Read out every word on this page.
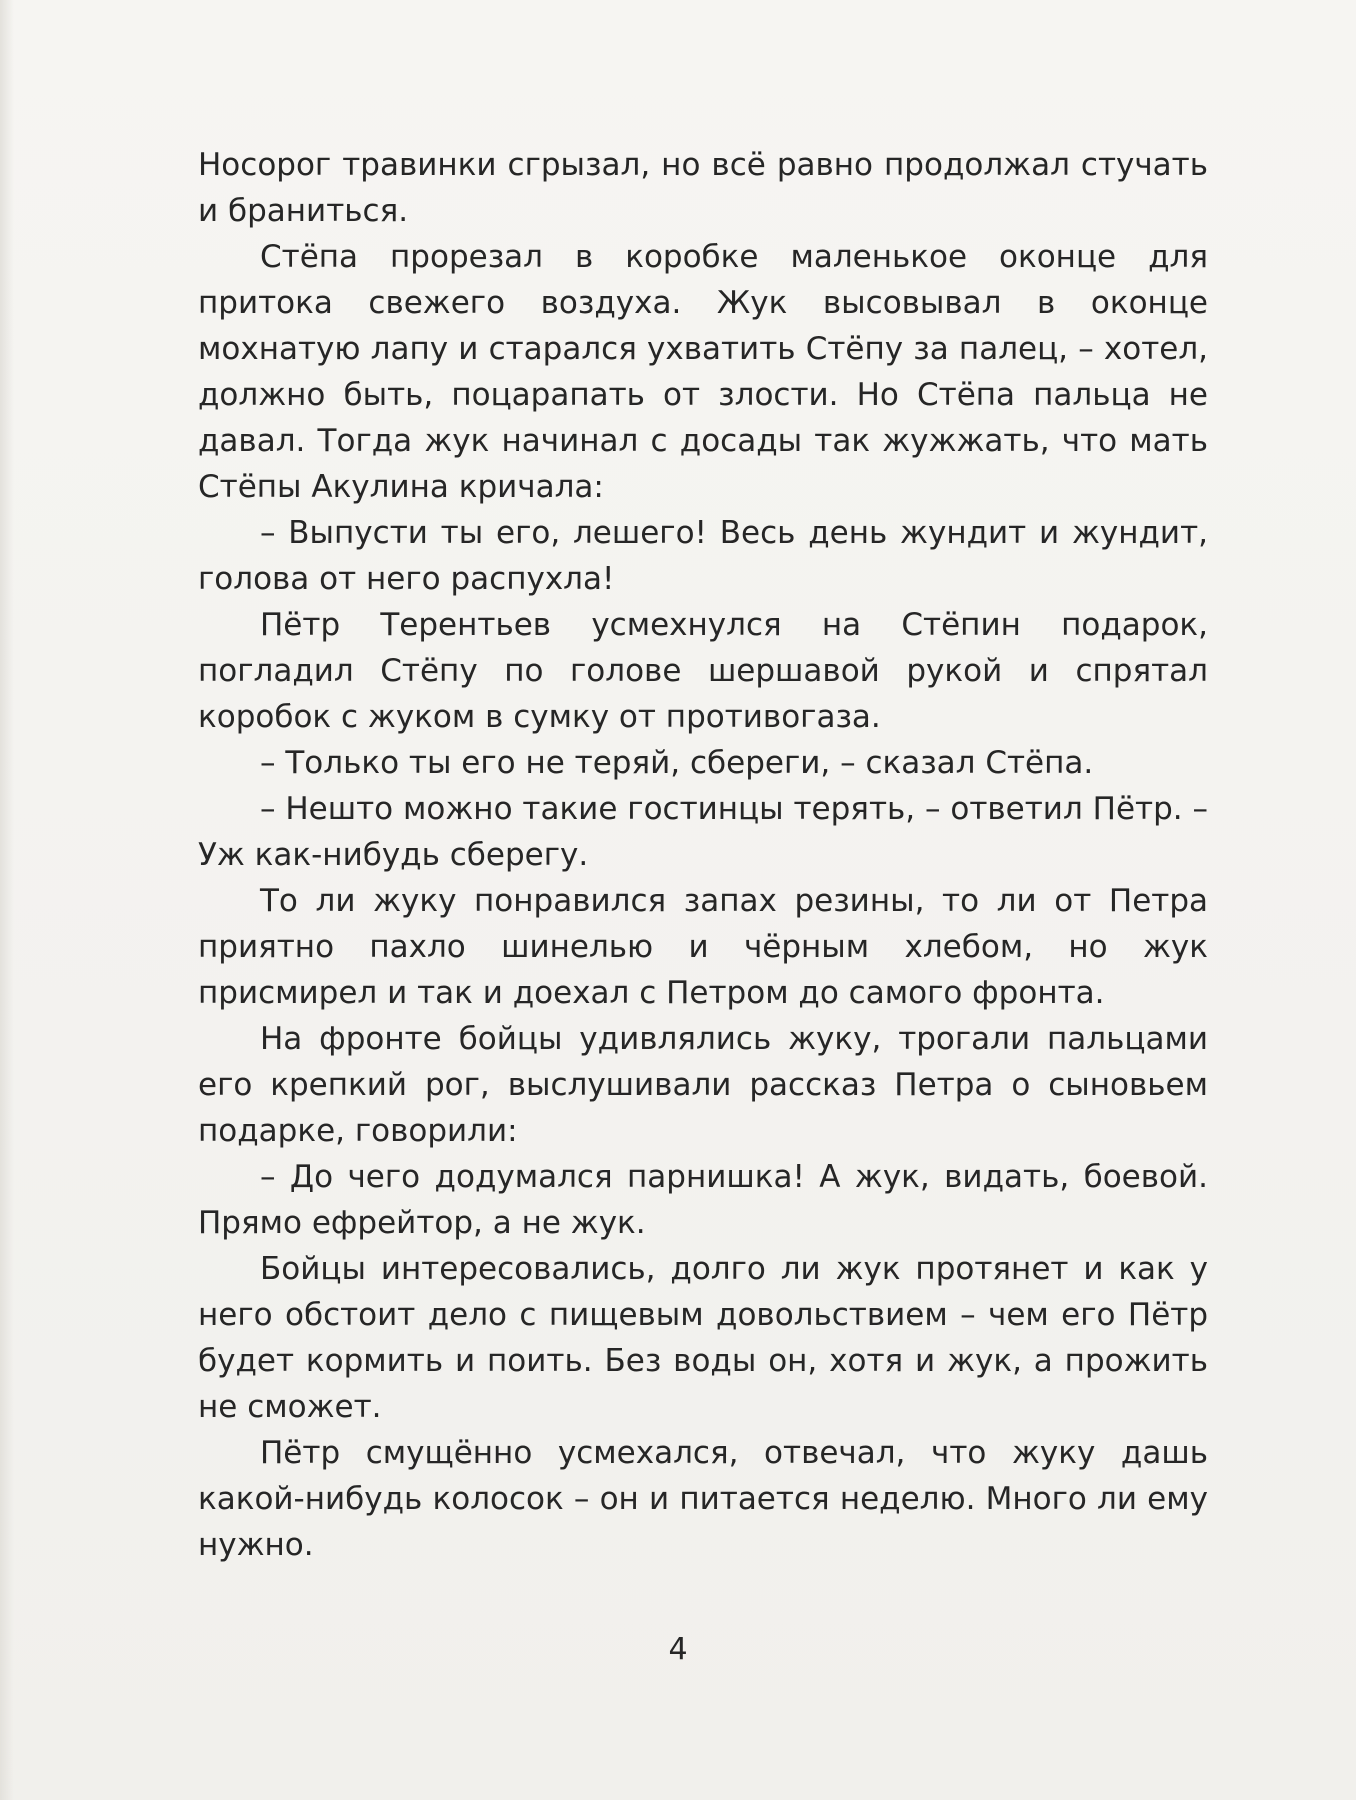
Носорог травинки сгрызал, но всё равно продолжал стучать и браниться.

Стёпа прорезал в коробке маленькое оконце для притока свежего воздуха. Жук высовывал в оконце мохнатую лапу и старался ухватить Стёпу за палец, – хотел, должно быть, поцарапать от злости. Но Стёпа пальца не давал. Тогда жук начинал с досады так жужжать, что мать Стёпы Акулина кричала:

– Выпусти ты его, лешего! Весь день жундит и жундит, голова от него распухла!

Пётр Терентьев усмехнулся на Стёпин подарок, погладил Стёпу по голове шершавой рукой и спрятал коробок с жуком в сумку от противогаза.

– Только ты его не теряй, сбереги, – сказал Стёпа.

– Нешто можно такие гостинцы терять, – ответил Пётр. – Уж как-нибудь сберегу.

То ли жуку понравился запах резины, то ли от Петра приятно пахло шинелью и чёрным хлебом, но жук присмирел и так и доехал с Петром до самого фронта.

На фронте бойцы удивлялись жуку, трогали пальцами его крепкий рог, выслушивали рассказ Петра о сыновьем подарке, говорили:

– До чего додумался парнишка! А жук, видать, боевой. Прямо ефрейтор, а не жук.

Бойцы интересовались, долго ли жук протянет и как у него обстоит дело с пищевым довольствием – чем его Пётр будет кормить и поить. Без воды он, хотя и жук, а прожить не сможет.

Пётр смущённо усмехался, отвечал, что жуку дашь какой-нибудь колосок – он и питается неделю. Много ли ему нужно.

4
